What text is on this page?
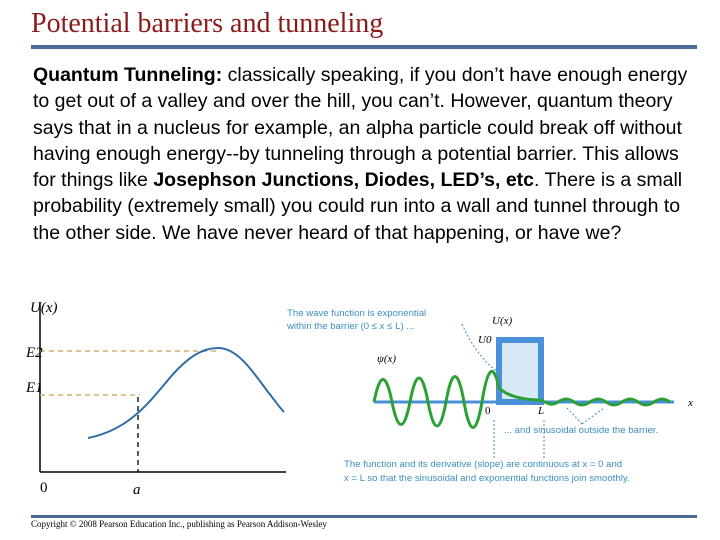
Potential barriers and tunneling
Quantum Tunneling: classically speaking, if you don’t have enough energy to get out of a valley and over the hill, you can’t. However, quantum theory says that in a nucleus for example, an alpha particle could break off without having enough energy--by tunneling through a potential barrier. This allows for things like Josephson Junctions, Diodes, LED’s, etc. There is a small probability (extremely small) you could run into a wall and tunnel through to the other side. We have never heard of that happening, or have we?
U(x)
E2
E1
0	a
The wave function is exponential
within the barrier (0 ≤ x ≤ L) ...	U(x)
U0
x
ψ(x)
0	L
... and sinusoidal outside the barrier.
The function and its derivative (slope) are continuous at x = 0 and
x = L so that the sinusoidal and exponential functions join smoothly.
Copyright © 2008 Pearson Education Inc., publishing as Pearson Addison-Wesley
